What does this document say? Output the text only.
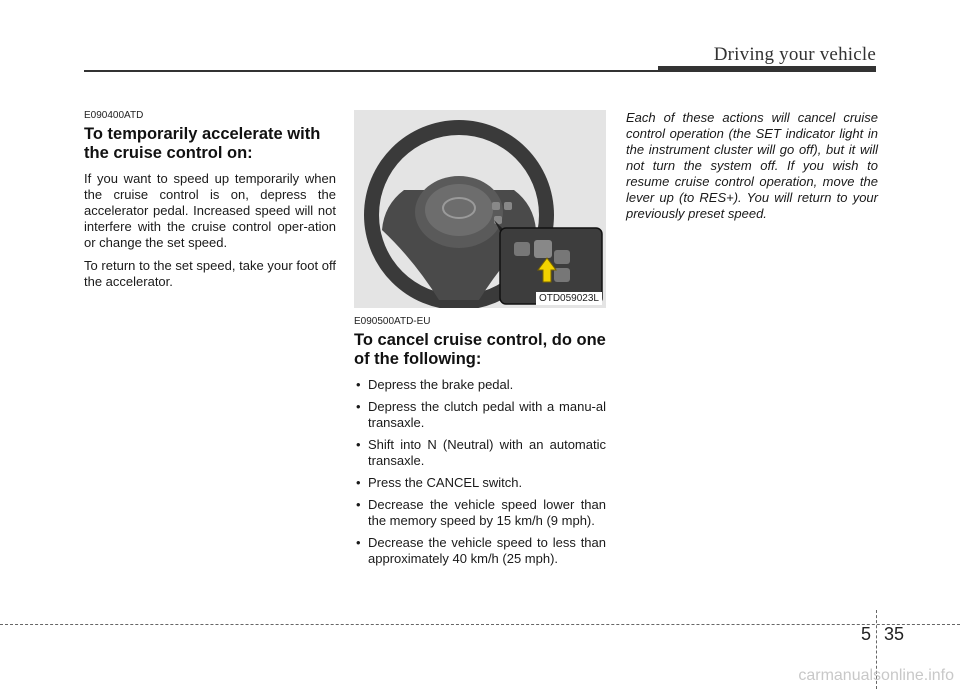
Driving your vehicle

E090400ATD

To temporarily accelerate with the cruise control on:

If you want to speed up temporarily when the cruise control is on, depress the accelerator pedal. Increased speed will not interfere with the cruise control oper-ation or change the set speed.

To return to the set speed, take your foot off the accelerator.

OTD059023L

E090500ATD-EU

To cancel cruise control, do one of the following:
• Depress the brake pedal.
• Depress the clutch pedal with a manu-al transaxle.
• Shift into N (Neutral) with an automatic transaxle.
• Press the CANCEL switch.
• Decrease the vehicle speed lower than the memory speed by 15 km/h (9 mph).
• Decrease the vehicle speed to less than approximately 40 km/h (25 mph).

Each of these actions will cancel cruise control operation (the SET indicator light in the instrument cluster will go off), but it will not turn the system off. If you wish to resume cruise control operation, move the lever up (to RES+). You will return to your previously preset speed.

5 35
carmanualsonline.info
